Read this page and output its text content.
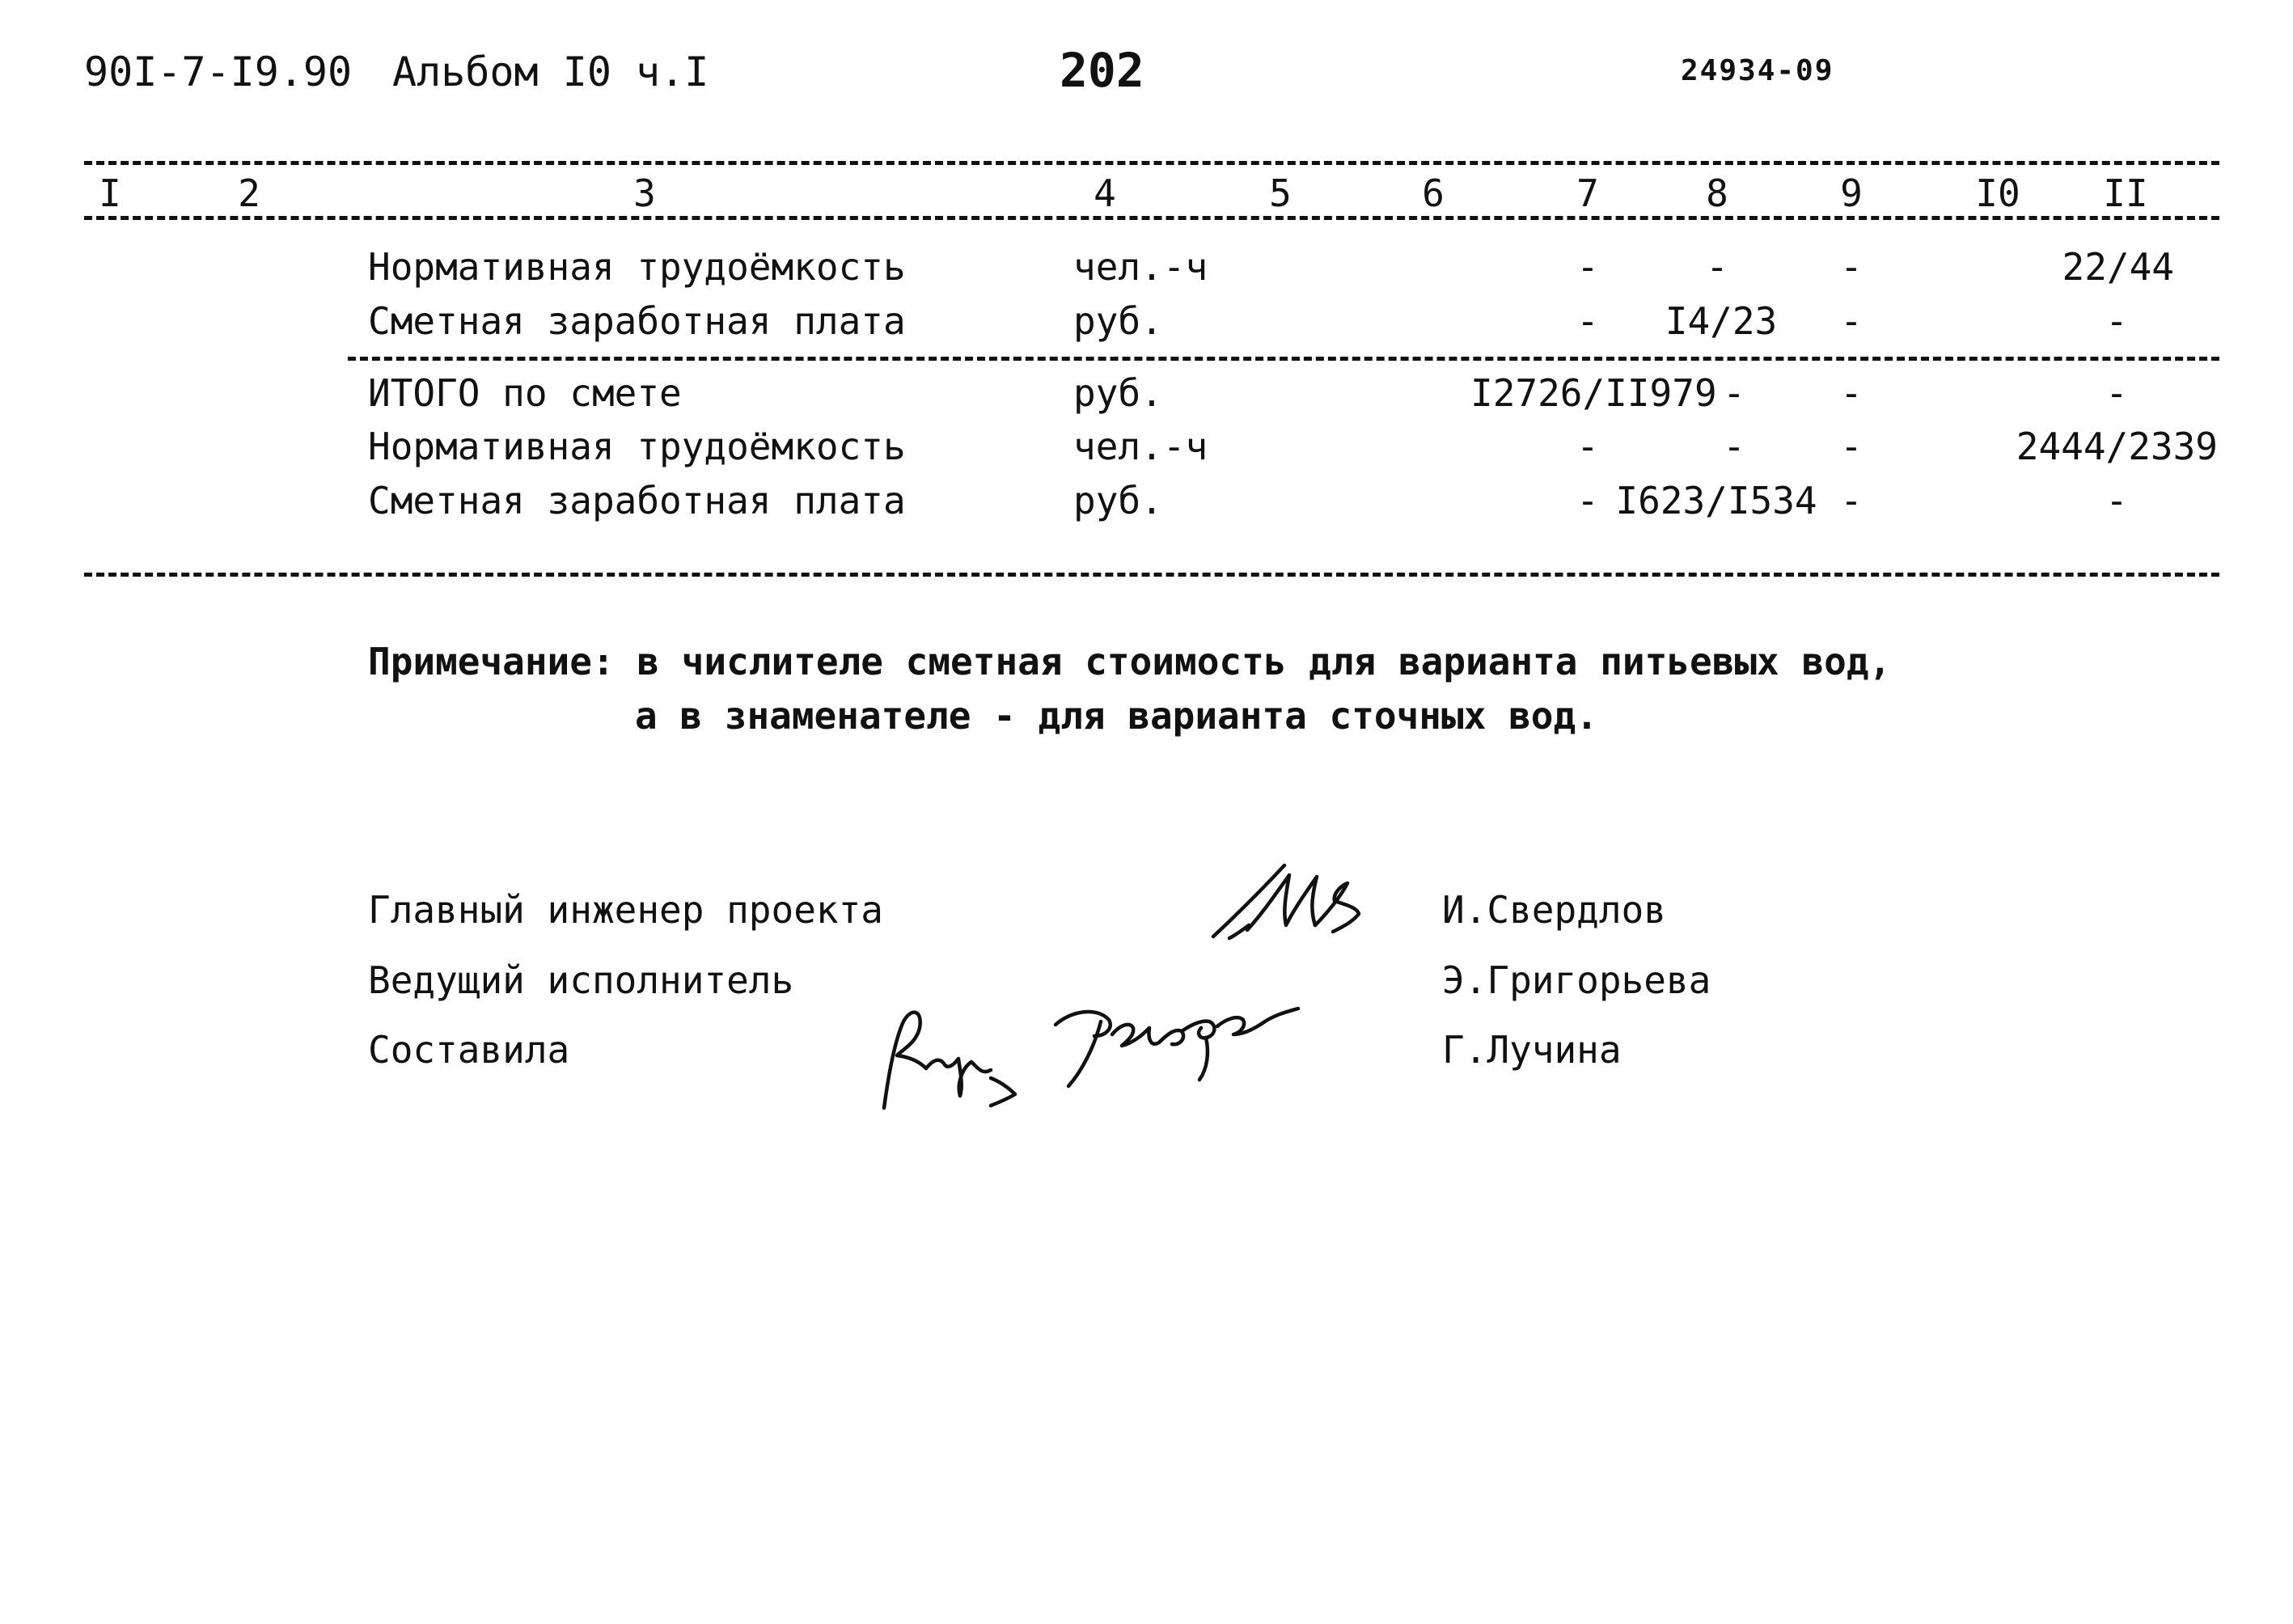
90I-7-I9.90 Альбом I0 ч.I	202	24934-09
I	2	3	4	5	6	7	8	9	I0 II
Нормативная трудоёмкость	чел.-ч	-	-	-	22/44
Сметная заработная плата	руб.	- I4/23 -	-
ИТОГО по смете	руб.	I2726/II979 -	-	-
Нормативная трудоёмкость	чел.-ч	-	-	-	2444/2339
Сметная заработная плата	руб.	- I623/I534 -	-
Примечание: в числителе сметная стоимость для варианта питьевых вод,
а в знаменателе - для варианта сточных вод.
Главный инженер проекта	И.Свердлов
Ведущий исполнитель	Э.Григорьева
Составила	Г.Лучина
